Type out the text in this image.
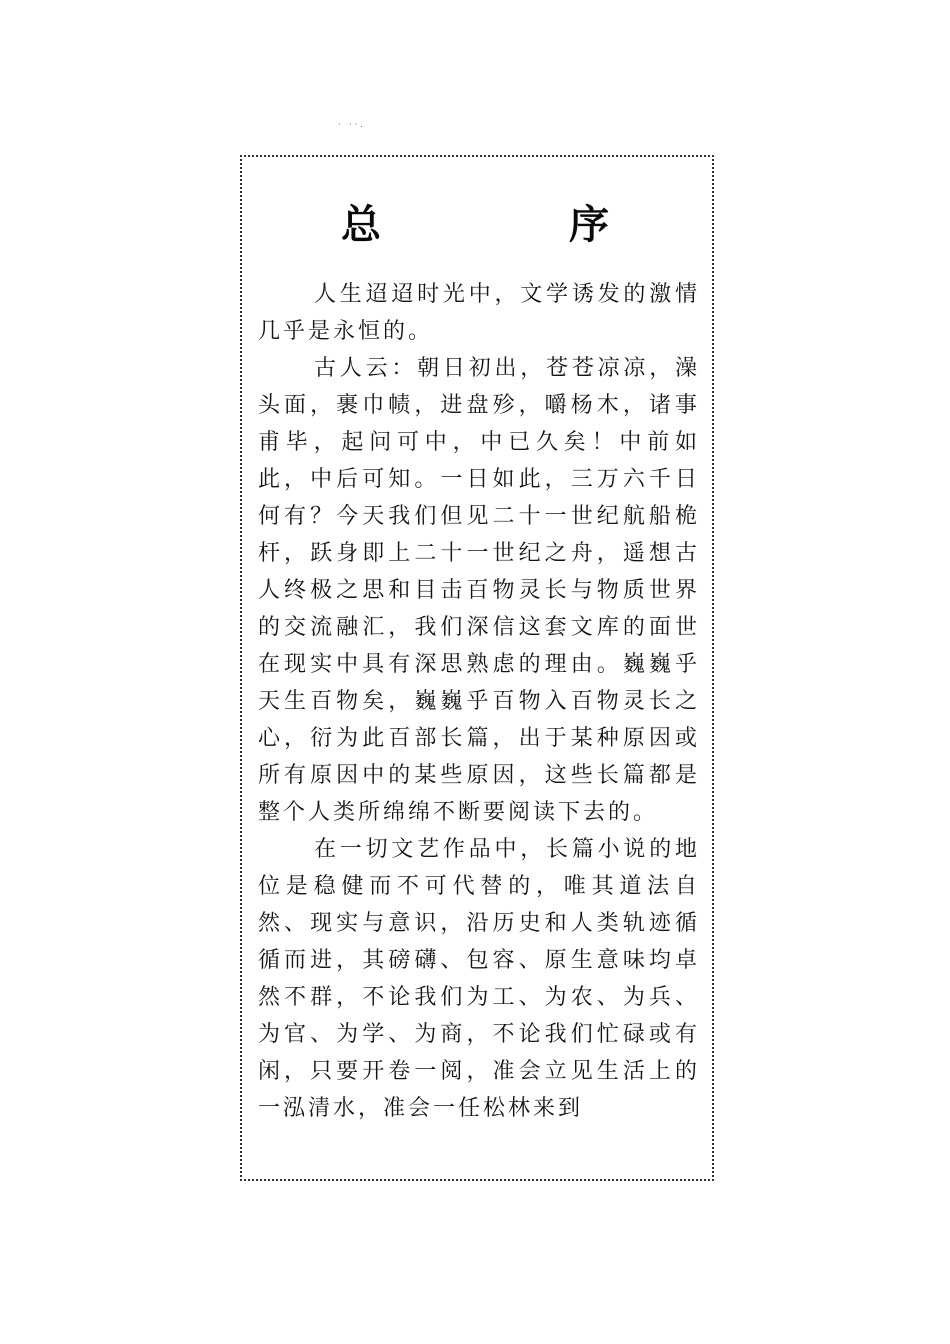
· ··.
总　序

人生迢迢时光中，文学诱发的激情几乎是永恒的。

古人云：朝日初出，苍苍凉凉，澡头面，裹巾帻，进盘殄，嚼杨木，诸事甫毕，起问可中，中已久矣！中前如此，中后可知。一日如此，三万六千日何有？今天我们但见二十一世纪航船桅杆，跃身即上二十一世纪之舟，遥想古人终极之思和目击百物灵长与物质世界的交流融汇，我们深信这套文库的面世在现实中具有深思熟虑的理由。巍巍乎天生百物矣，巍巍乎百物入百物灵长之心，衍为此百部长篇，出于某种原因或所有原因中的某些原因，这些长篇都是整个人类所绵绵不断要阅读下去的。

在一切文艺作品中，长篇小说的地位是稳健而不可代替的，唯其道法自然、现实与意识，沿历史和人类轨迹循循而进，其磅礴、包容、原生意味均卓然不群，不论我们为工、为农、为兵、为官、为学、为商，不论我们忙碌或有闲，只要开卷一阅，准会立见生活上的一泓清水，准会一任松林来到
